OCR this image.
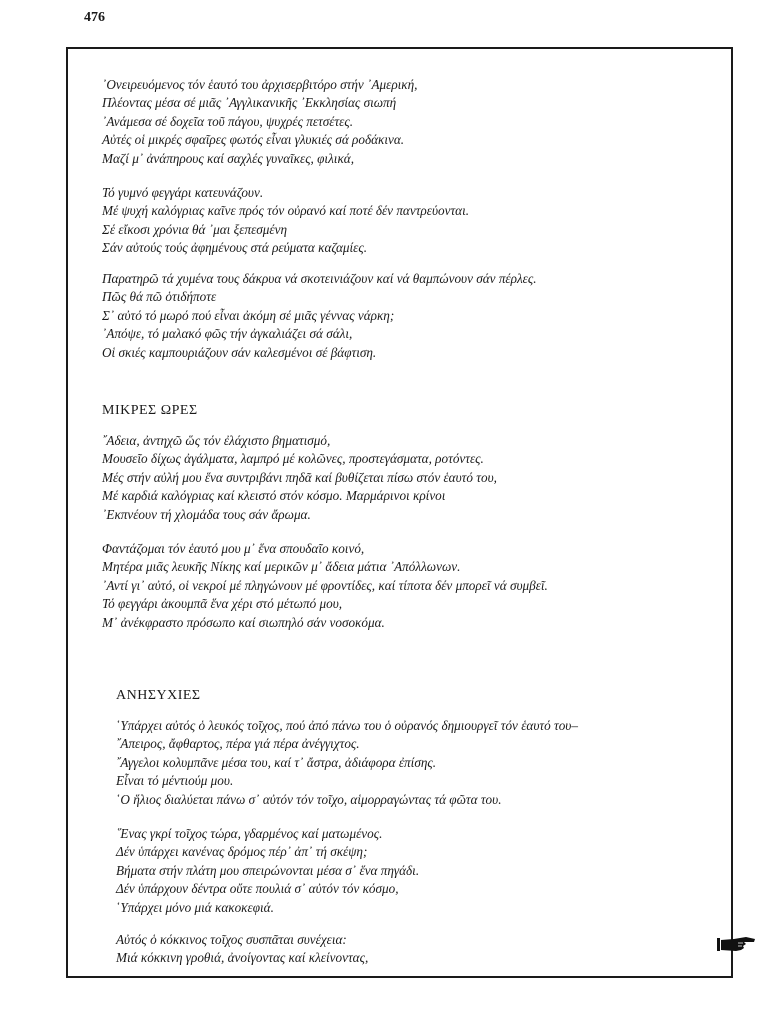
476
᾿Ονειρευόμενος τόν ἑαυτό του ἀρχισερβιτόρο στήν ᾿Αμερική,
Πλέοντας μέσα σέ μιᾶς ᾿Αγγλικανικῆς ᾿Εκκλησίας σιωπή
᾿Ανάμεσα σέ δοχεῖα τοῦ πάγου, ψυχρές πετσέτες.
Αὐτές οἱ μικρές σφαῖρες φωτός εἶναι γλυκιές σά ροδάκινα.
Μαζί μ᾿ ἀνάπηρους καί σαχλές γυναῖκες, φιλικά,
Τό γυμνό φεγγάρι κατευνάζουν.
Μέ ψυχή καλόγριας καῖνε πρός τόν οὐρανό καί ποτέ δέν παντρεύονται.
Σέ εἴκοσι χρόνια θά ᾿μαι ξεπεσμένη
Σάν αὐτούς τούς ἀφημένους στά ρεύματα καζαμίες.
Παρατηρῶ τά χυμένα τους δάκρυα νά σκοτεινιάζουν καί νά θαμπώνουν σάν πέρλες.
Πῶς θά πῶ ὁτιδήποτε
Σ᾿ αὐτό τό μωρό πού εἶναι ἀκόμη σέ μιᾶς γέννας νάρκη;
᾿Απόψε, τό μαλακό φῶς τήν ἀγκαλιάζει σά σάλι,
Οἱ σκιές καμπουριάζουν σάν καλεσμένοι σέ βάφτιση.
ΜΙΚΡΕΣ ΩΡΕΣ
῎Αδεια, ἀντηχῶ ὥς τόν ἐλάχιστο βηματισμό,
Μουσεῖο δίχως ἀγάλματα, λαμπρό μέ κολῶνες, προστεγάσματα, ροτόντες.
Μές στήν αὐλή μου ἕνα συντριβάνι πηδᾶ καί βυθίζεται πίσω στόν ἑαυτό του,
Μέ καρδιά καλόγριας καί κλειστό στόν κόσμο. Μαρμάρινοι κρίνοι
᾿Εκπνέουν τή χλομάδα τους σάν ἄρωμα.
Φαντάζομαι τόν ἑαυτό μου μ᾿ ἕνα σπουδαῖο κοινό,
Μητέρα μιᾶς λευκῆς Νίκης καί μερικῶν μ᾿ ἄδεια μάτια ᾿Απόλλωνων.
᾿Αντί γι᾿ αὐτό, οἱ νεκροί μέ πληγώνουν μέ φροντίδες, καί τίποτα δέν μπορεῖ νά συμβεῖ.
Τό φεγγάρι ἀκουμπᾶ ἕνα χέρι στό μέτωπό μου,
Μ᾿ ἀνέκφραστο πρόσωπο καί σιωπηλό σάν νοσοκόμα.
ΑΝΗΣΥΧΙΕΣ
῾Υπάρχει αὐτός ὁ λευκός τοῖχος, πού ἀπό πάνω του ὁ οὐρανός δημιουργεῖ τόν ἑαυτό του–
῎Απειρος, ἄφθαρτος, πέρα γιά πέρα ἀνέγγιχτος.
῎Αγγελοι κολυμπᾶνε μέσα του, καί τ᾿ ἄστρα, ἀδιάφορα ἐπίσης.
Εἶναι τό μέντιούμ μου.
῾Ο ἥλιος διαλύεται πάνω σ᾿ αὐτόν τόν τοῖχο, αἱμορραγώντας τά φῶτα του.
῞Ενας γκρί τοῖχος τώρα, γδαρμένος καί ματωμένος.
Δέν ὑπάρχει κανένας δρόμος πέρ᾿ ἀπ᾿ τή σκέψη;
Βήματα στήν πλάτη μου σπειρώνονται μέσα σ᾿ ἕνα πηγάδι.
Δέν ὑπάρχουν δέντρα οὔτε πουλιά σ᾿ αὐτόν τόν κόσμο,
῾Υπάρχει μόνο μιά κακοκεφιά.
Αὐτός ὁ κόκκινος τοῖχος συσπᾶται συνέχεια:
Μιά κόκκινη γροθιά, ἀνοίγοντας καί κλείνοντας,
